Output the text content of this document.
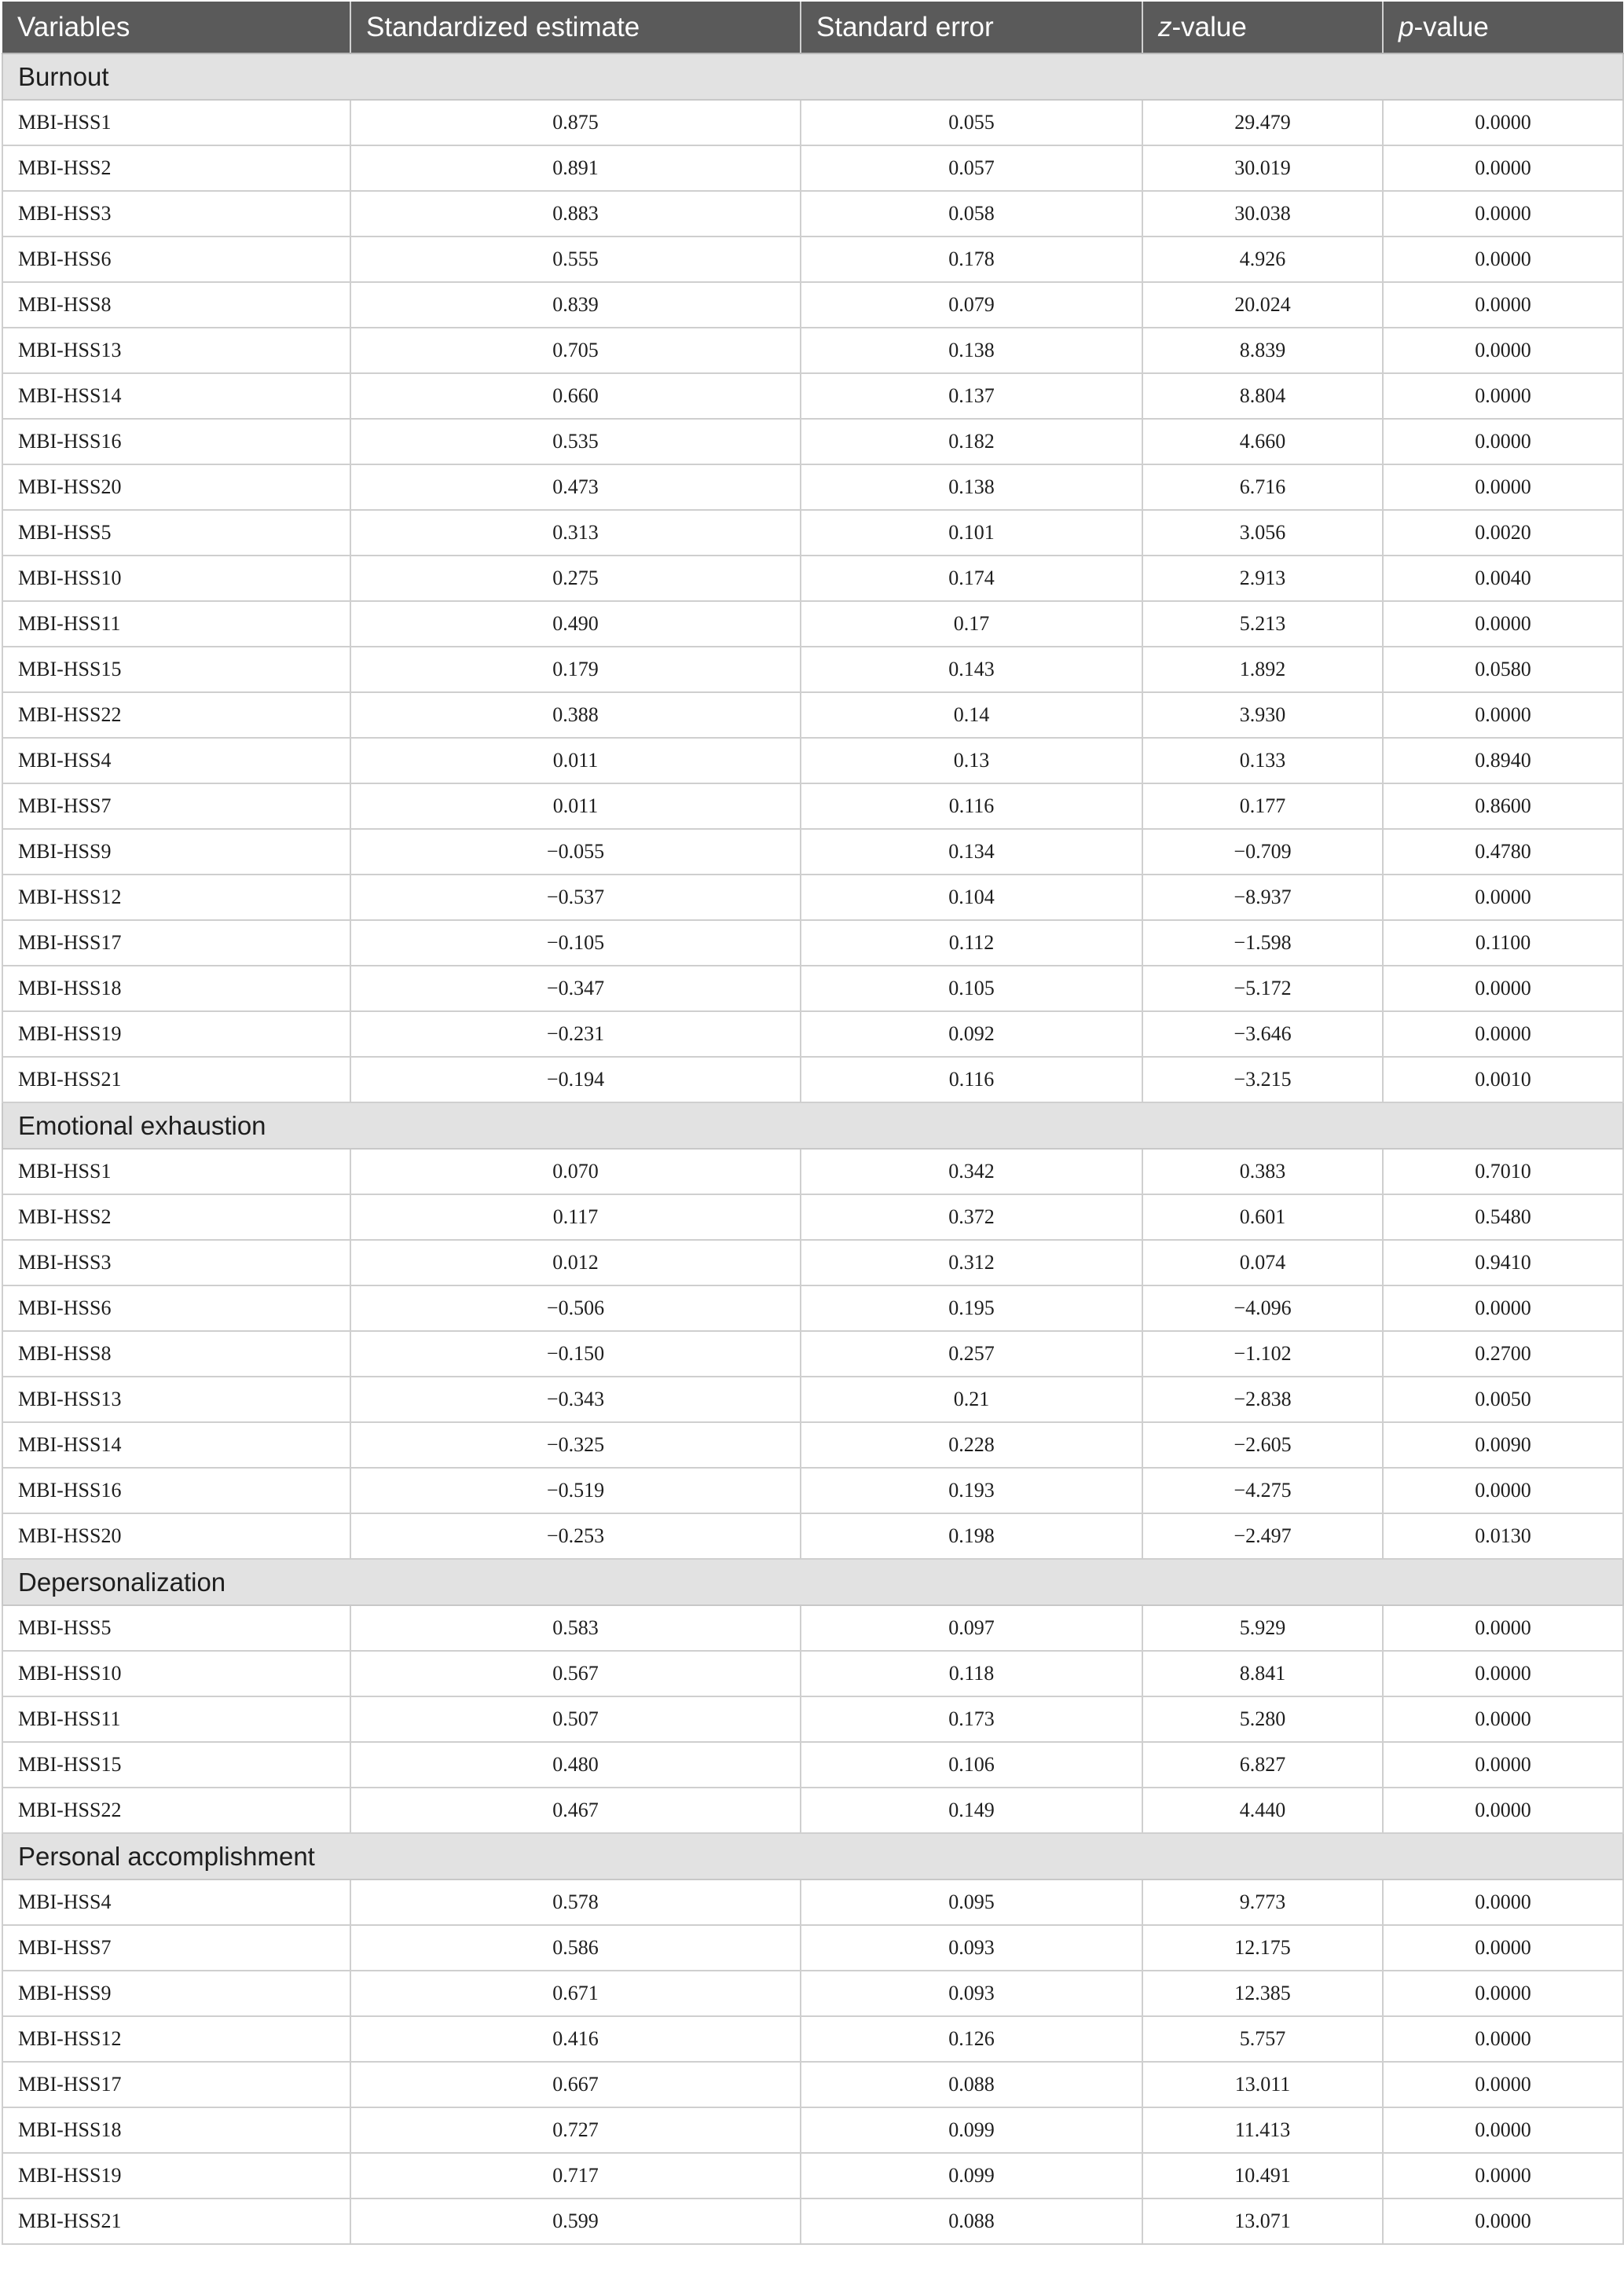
Variables	Standardized estimate	Standard error	z-value	p-value
Burnout				
MBI-HSS1	0.875	0.055	29.479	0.0000
MBI-HSS2	0.891	0.057	30.019	0.0000
MBI-HSS3	0.883	0.058	30.038	0.0000
MBI-HSS6	0.555	0.178	4.926	0.0000
MBI-HSS8	0.839	0.079	20.024	0.0000
MBI-HSS13	0.705	0.138	8.839	0.0000
MBI-HSS14	0.660	0.137	8.804	0.0000
MBI-HSS16	0.535	0.182	4.660	0.0000
MBI-HSS20	0.473	0.138	6.716	0.0000
MBI-HSS5	0.313	0.101	3.056	0.0020
MBI-HSS10	0.275	0.174	2.913	0.0040
MBI-HSS11	0.490	0.17	5.213	0.0000
MBI-HSS15	0.179	0.143	1.892	0.0580
MBI-HSS22	0.388	0.14	3.930	0.0000
MBI-HSS4	0.011	0.13	0.133	0.8940
MBI-HSS7	0.011	0.116	0.177	0.8600
MBI-HSS9	−0.055	0.134	−0.709	0.4780
MBI-HSS12	−0.537	0.104	−8.937	0.0000
MBI-HSS17	−0.105	0.112	−1.598	0.1100
MBI-HSS18	−0.347	0.105	−5.172	0.0000
MBI-HSS19	−0.231	0.092	−3.646	0.0000
MBI-HSS21	−0.194	0.116	−3.215	0.0010
Emotional exhaustion				
MBI-HSS1	0.070	0.342	0.383	0.7010
MBI-HSS2	0.117	0.372	0.601	0.5480
MBI-HSS3	0.012	0.312	0.074	0.9410
MBI-HSS6	−0.506	0.195	−4.096	0.0000
MBI-HSS8	−0.150	0.257	−1.102	0.2700
MBI-HSS13	−0.343	0.21	−2.838	0.0050
MBI-HSS14	−0.325	0.228	−2.605	0.0090
MBI-HSS16	−0.519	0.193	−4.275	0.0000
MBI-HSS20	−0.253	0.198	−2.497	0.0130
Depersonalization				
MBI-HSS5	0.583	0.097	5.929	0.0000
MBI-HSS10	0.567	0.118	8.841	0.0000
MBI-HSS11	0.507	0.173	5.280	0.0000
MBI-HSS15	0.480	0.106	6.827	0.0000
MBI-HSS22	0.467	0.149	4.440	0.0000
Personal accomplishment				
MBI-HSS4	0.578	0.095	9.773	0.0000
MBI-HSS7	0.586	0.093	12.175	0.0000
MBI-HSS9	0.671	0.093	12.385	0.0000
MBI-HSS12	0.416	0.126	5.757	0.0000
MBI-HSS17	0.667	0.088	13.011	0.0000
MBI-HSS18	0.727	0.099	11.413	0.0000
MBI-HSS19	0.717	0.099	10.491	0.0000
MBI-HSS21	0.599	0.088	13.071	0.0000
